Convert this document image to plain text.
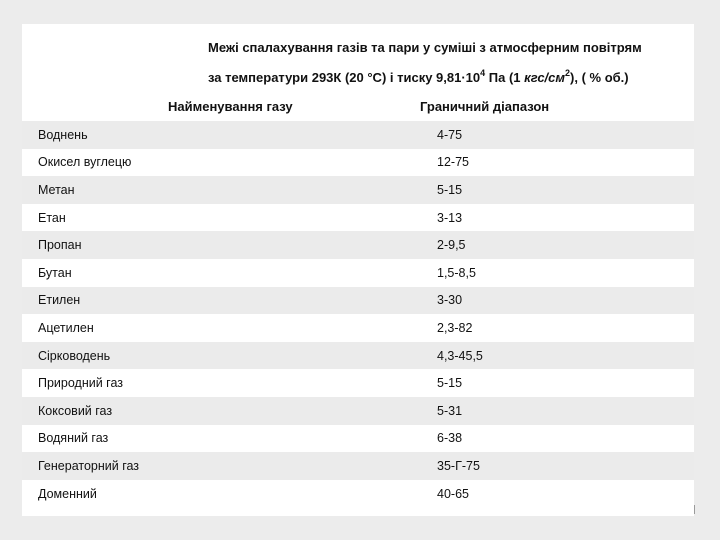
Межі спалахування газів та пари у суміші з атмосферним повітрям
за температури 293К (20 °С) і тиску $9,81\cdot 10^4$ Па (1 кгс/$см^2$), ( % об.)
Найменування газу	Граничний діапазон
Воднень	4-75
Окисел вуглецю	12-75
Метан	5-15
Етан	3-13
Пропан	2-9,5
Бутан	1,5-8,5
Етилен	3-30
Ацетилен	2,3-82
Сірководень	4,3-45,5
Природний газ	5-15
Коксовий газ	5-31
Водяний газ	6-38
Генераторний газ	35-Г-75
Доменний	40-65
